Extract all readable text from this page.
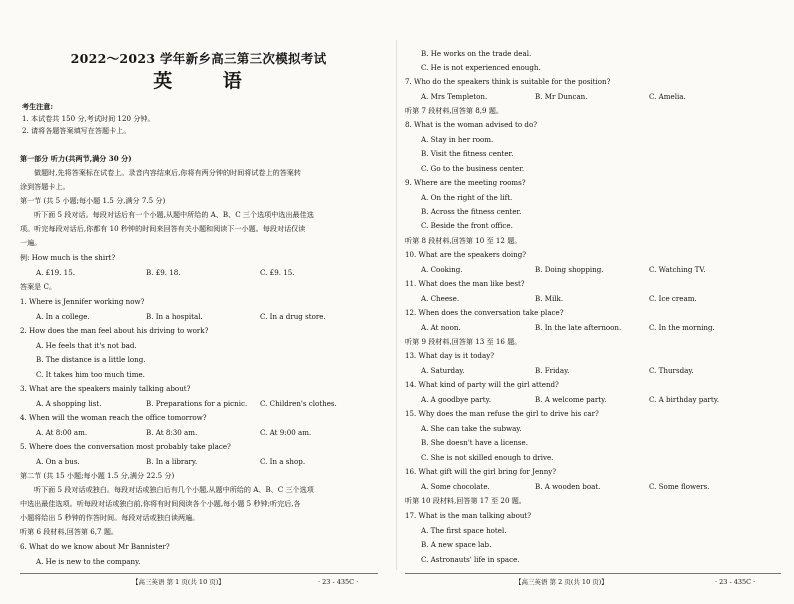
2022～2023 学年新乡高三第三次模拟考试
英 语
考生注意:
1. 本试卷共 150 分,考试时间 120 分钟。
2. 请将各题答案填写在答题卡上。
第一部分 听力(共两节,满分 30 分)
做题时,先将答案标在试卷上。录音内容结束后,你将有两分钟的时间将试卷上的答案转
涂到答题卡上。
第一节 (共 5 小题;每小题 1.5 分,满分 7.5 分)
听下面 5 段对话。每段对话后有一个小题,从题中所给的 A、B、C 三个选项中选出最佳选
项。听完每段对话后,你都有 10 秒钟的时间来回答有关小题和阅读下一小题。每段对话仅读
一遍。
例: How much is the shirt?
A. £19. 15.	B. £9. 18.	C. £9. 15.
答案是 C。
1. Where is Jennifer working now?
A. In a college.	B. In a hospital.	C. In a drug store.
2. How does the man feel about his driving to work?
A. He feels that it's not bad.
B. The distance is a little long.
C. It takes him too much time.
3. What are the speakers mainly talking about?
A. A shopping list.	B. Preparations for a picnic. C. Children's clothes.
4. When will the woman reach the office tomorrow?
A. At 8:00 am.	B. At 8:30 am.	C. At 9:00 am.
5. Where does the conversation most probably take place?
A. On a bus.	B. In a library.	C. In a shop.
第二节 (共 15 小题;每小题 1.5 分,满分 22.5 分)
听下面 5 段对话或独白。每段对话或独白后有几个小题,从题中所给的 A、B、C 三个选项
中选出最佳选项。听每段对话或独白前,你将有时间阅读各个小题,每小题 5 秒钟;听完后,各
小题将给出 5 秒钟的作答时间。每段对话或独白读两遍。
听第 6 段材料,回答第 6,7 题。
6. What do we know about Mr Bannister?
A. He is new to the company.
【高三英语 第 1 页(共 10 页)】	· 23 - 435C ·
B. He works on the trade deal.
C. He is not experienced enough.
7. Who do the speakers think is suitable for the position?
A. Mrs Templeton.	B. Mr Duncan.	C. Amelia.
听第 7 段材料,回答第 8,9 题。
8. What is the woman advised to do?
A. Stay in her room.
B. Visit the fitness center.
C. Go to the business center.
9. Where are the meeting rooms?
A. On the right of the lift.
B. Across the fitness center.
C. Beside the front office.
听第 8 段材料,回答第 10 至 12 题。
10. What are the speakers doing?
A. Cooking.	B. Doing shopping.	C. Watching TV.
11. What does the man like best?
A. Cheese.	B. Milk.	C. Ice cream.
12. When does the conversation take place?
A. At noon.	B. In the late afternoon.	C. In the morning.
听第 9 段材料,回答第 13 至 16 题。
13. What day is it today?
A. Saturday.	B. Friday.	C. Thursday.
14. What kind of party will the girl attend?
A. A goodbye party.	B. A welcome party.	C. A birthday party.
15. Why does the man refuse the girl to drive his car?
A. She can take the subway.
B. She doesn't have a license.
C. She is not skilled enough to drive.
16. What gift will the girl bring for Jenny?
A. Some chocolate.	B. A wooden boat.	C. Some flowers.
听第 10 段材料,回答第 17 至 20 题。
17. What is the man talking about?
A. The first space hotel.
B. A new space lab.
C. Astronauts' life in space.
【高三英语 第 2 页(共 10 页)】	· 23 - 435C ·
